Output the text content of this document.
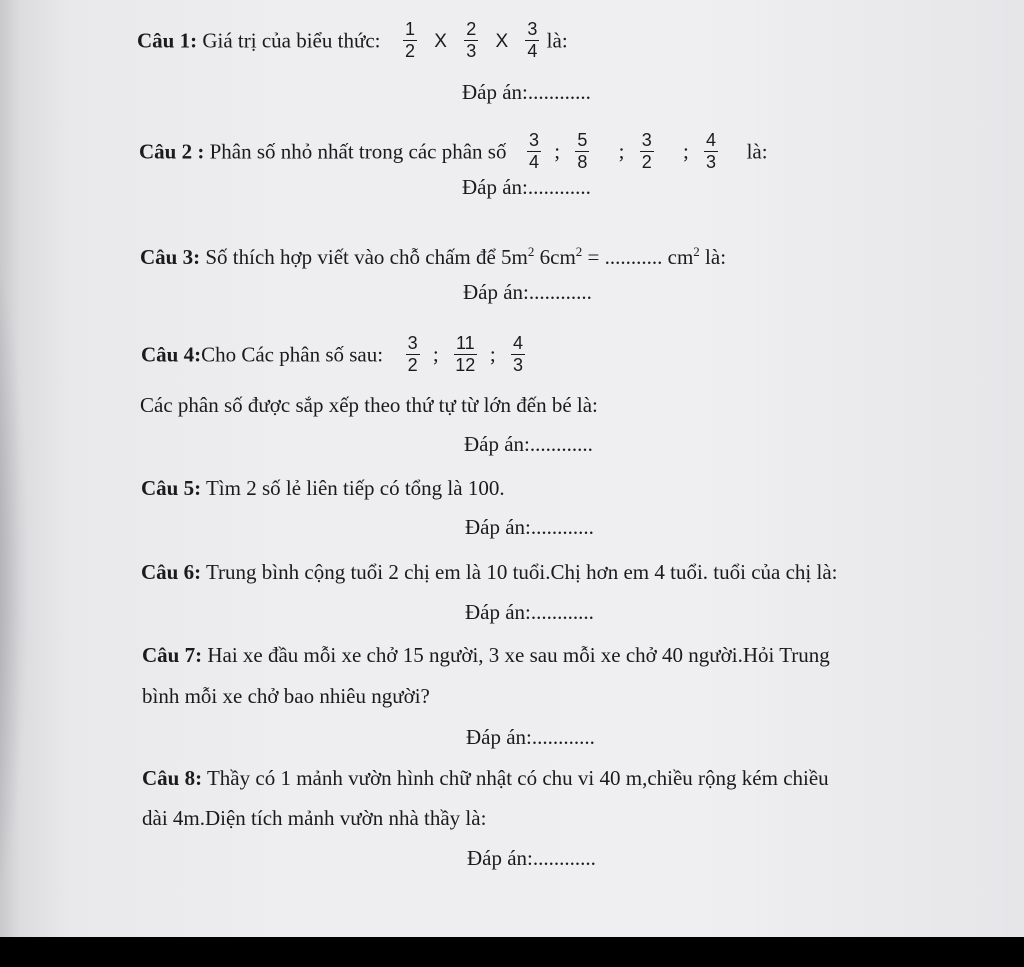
Câu 1: Giá trị của biểu thức: $\frac{1}{2}$ X $\frac{2}{3}$ X $\frac{3}{4}$ là:
Đáp án:............
Câu 2 : Phân số nhỏ nhất trong các phân số $\frac{3}{4}$ ; $\frac{5}{8}$ ; $\frac{3}{2}$ ; $\frac{4}{3}$ là:
Đáp án:............
Câu 3: Số thích hợp viết vào chỗ chấm để $5m^2$ $6cm^2$ = ........... $cm^2$ là:
Đáp án:............
Câu 4:Cho Các phân số sau: $\frac{3}{2}$ ; $\frac{11}{12}$ ; $\frac{4}{3}$
Các phân số được sắp xếp theo thứ tự từ lớn đến bé là:
Đáp án:............
Câu 5: Tìm 2 số lẻ liên tiếp có tổng là 100.
Đáp án:............
Câu 6: Trung bình cộng tuổi 2 chị em là 10 tuổi.Chị hơn em 4 tuổi. tuổi của chị là:
Đáp án:............
Câu 7: Hai xe đầu mỗi xe chở 15 người, 3 xe sau mỗi xe chở 40 người.Hỏi Trung
bình mỗi xe chở bao nhiêu người?
Đáp án:............
Câu 8: Thầy có 1 mảnh vườn hình chữ nhật có chu vi 40 m,chiều rộng kém chiều
dài 4m.Diện tích mảnh vườn nhà thầy là:
Đáp án:............
